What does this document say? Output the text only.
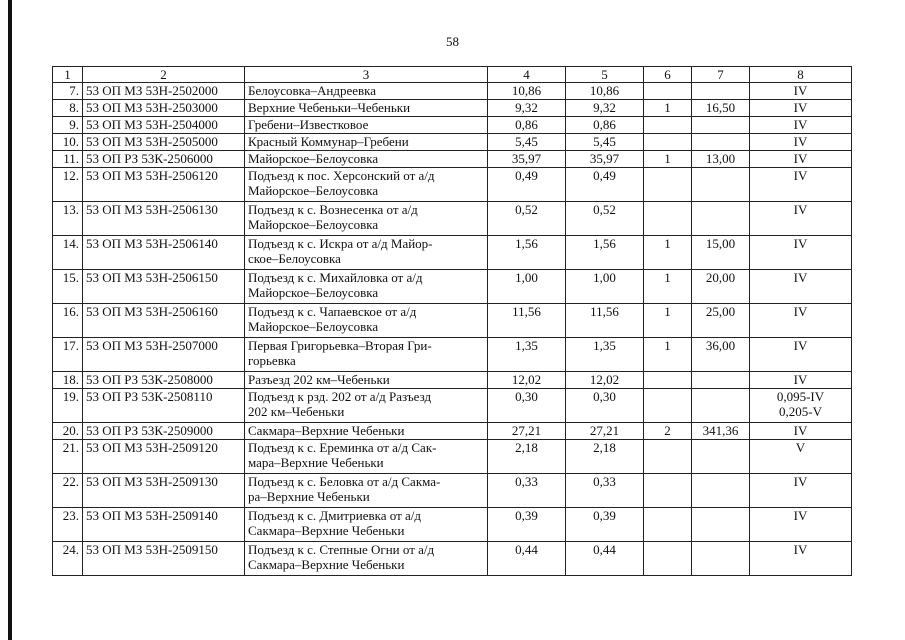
58
1	2	3	4	5	6	7	8
7.	53 ОП МЗ 53Н-2502000	Белоусовка–Андреевка	10,86	10,86			IV
8.	53 ОП МЗ 53Н-2503000	Верхние Чебеньки–Чебеньки	9,32	9,32	1	16,50	IV
9.	53 ОП МЗ 53Н-2504000	Гребени–Известковое	0,86	0,86			IV
10.	53 ОП МЗ 53Н-2505000	Красный Коммунар–Гребени	5,45	5,45			IV
11.	53 ОП РЗ 53К-2506000	Майорское–Белоусовка	35,97	35,97	1	13,00	IV
12.	53 ОП МЗ 53Н-2506120	Подъезд к пос. Херсонский от а/д
Майорское–Белоусовка	0,49	0,49			IV
13.	53 ОП МЗ 53Н-2506130	Подъезд к с. Вознесенка от а/д
Майорское–Белоусовка	0,52	0,52			IV
14.	53 ОП МЗ 53Н-2506140	Подъезд к с. Искра от а/д Майор-
ское–Белоусовка	1,56	1,56	1	15,00	IV
15.	53 ОП МЗ 53Н-2506150	Подъезд к с. Михайловка от а/д
Майорское–Белоусовка	1,00	1,00	1	20,00	IV
16.	53 ОП МЗ 53Н-2506160	Подъезд к с. Чапаевское от а/д
Майорское–Белоусовка	11,56	11,56	1	25,00	IV
17.	53 ОП МЗ 53Н-2507000	Первая Григорьевка–Вторая Гри-
горьевка	1,35	1,35	1	36,00	IV
18.	53 ОП РЗ 53К-2508000	Разъезд 202 км–Чебеньки	12,02	12,02			IV
19.	53 ОП РЗ 53К-2508110	Подъезд к рзд. 202 от а/д Разъезд
202 км–Чебеньки	0,30	0,30			0,095-IV
0,205-V
20.	53 ОП РЗ 53К-2509000	Сакмара–Верхние Чебеньки	27,21	27,21	2	341,36	IV
21.	53 ОП МЗ 53Н-2509120	Подъезд к с. Ереминка от а/д Сак-
мара–Верхние Чебеньки	2,18	2,18			V
22.	53 ОП МЗ 53Н-2509130	Подъезд к с. Беловка от а/д Сакма-
ра–Верхние Чебеньки	0,33	0,33			IV
23.	53 ОП МЗ 53Н-2509140	Подъезд к с. Дмитриевка от а/д
Сакмара–Верхние Чебеньки	0,39	0,39			IV
24.	53 ОП МЗ 53Н-2509150	Подъезд к с. Степные Огни от а/д
Сакмара–Верхние Чебеньки	0,44	0,44			IV
